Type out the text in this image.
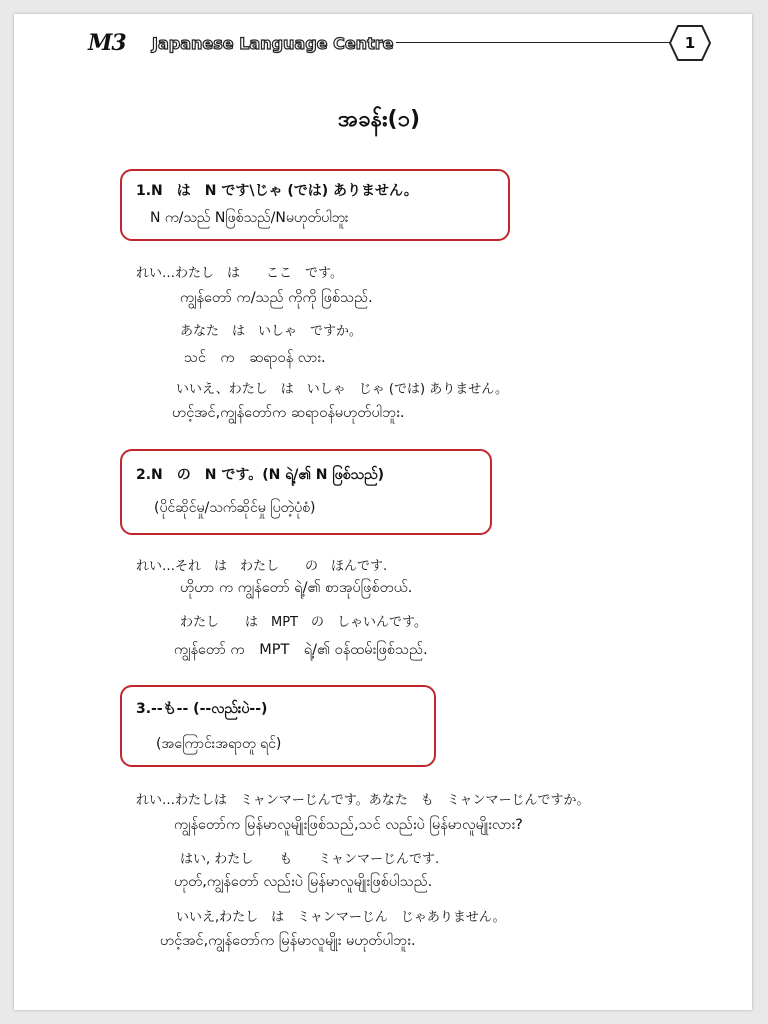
M3 Japanese Language Centre	1
အခန်း(၁)
1.N　は　N です\じゃ (では) ありません。
N က/သည် Nဖြစ်သည်/Nမဟုတ်ပါဘူး
れい…わたし　は　　ここ　です。
ကျွန်တော် က/သည် ကိုကို ဖြစ်သည်.
あなた　は　いしゃ　ですか。
သင်　က　ဆရာဝန် လား.
いいえ、わたし　は　いしゃ　じゃ (では) ありません。
ဟင့်အင်,ကျွန်တော်က ဆရာဝန်မဟုတ်ပါဘူး.
2.N　の　N です。(N ရဲ့/၏ N ဖြစ်သည်)
(ပိုင်ဆိုင်မှု/သက်ဆိုင်မှု ပြတဲ့ပုံစံ)
れい…それ　は　わたし　　の　ほんです.
ဟိုဟာ က ကျွန်တော် ရဲ့/၏ စာအုပ်ဖြစ်တယ်.
わたし　　は　MPT　の　しゃいんです。
ကျွန်တော် က　MPT　ရဲ့/၏ ဝန်ထမ်းဖြစ်သည်.
3.--も-- (--လည်းပဲ--)
(အကြောင်းအရာတူ ရင်)
れい…わたしは　ミャンマーじんです。あなた　も　ミャンマーじんですか。
ကျွန်တော်က မြန်မာလူမျိုးဖြစ်သည်,သင် လည်းပဲ မြန်မာလူမျိုးလား?
はい, わたし　　も　　ミャンマーじんです.
ဟုတ်,ကျွန်တော် လည်းပဲ မြန်မာလူမျိုးဖြစ်ပါသည်.
いいえ,わたし　は　ミャンマーじん　じゃありません。
ဟင့်အင်,ကျွန်တော်က မြန်မာလူမျိုး မဟုတ်ပါဘူး.
